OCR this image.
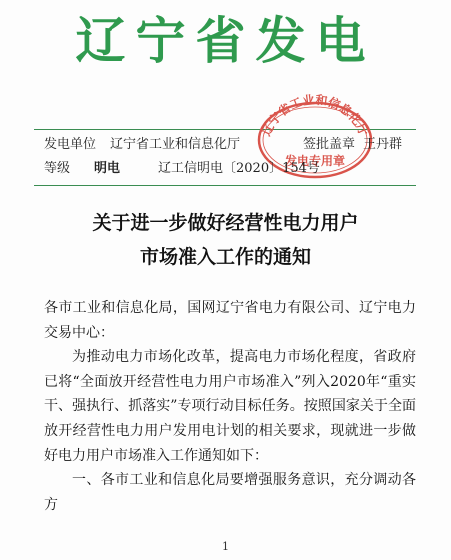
辽宁省发电
辽宁省工业和信息化厅
发电专用章
发电单位 辽宁省工业和信息化厅	签批盖章 王丹群
等级 明电	辽工信明电〔2020〕154号
关于进一步做好经营性电力用户
市场准入工作的通知

各市工业和信息化局，国网辽宁省电力有限公司、辽宁电力交易中心：

为推动电力市场化改革，提高电力市场化程度，省政府已将“全面放开经营性电力用户市场准入”列入2020年“重实干、强执行、抓落实”专项行动目标任务。按照国家关于全面放开经营性电力用户发用电计划的相关要求，现就进一步做好电力用户市场准入工作通知如下：

一、各市工业和信息化局要增强服务意识，充分调动各方

1
